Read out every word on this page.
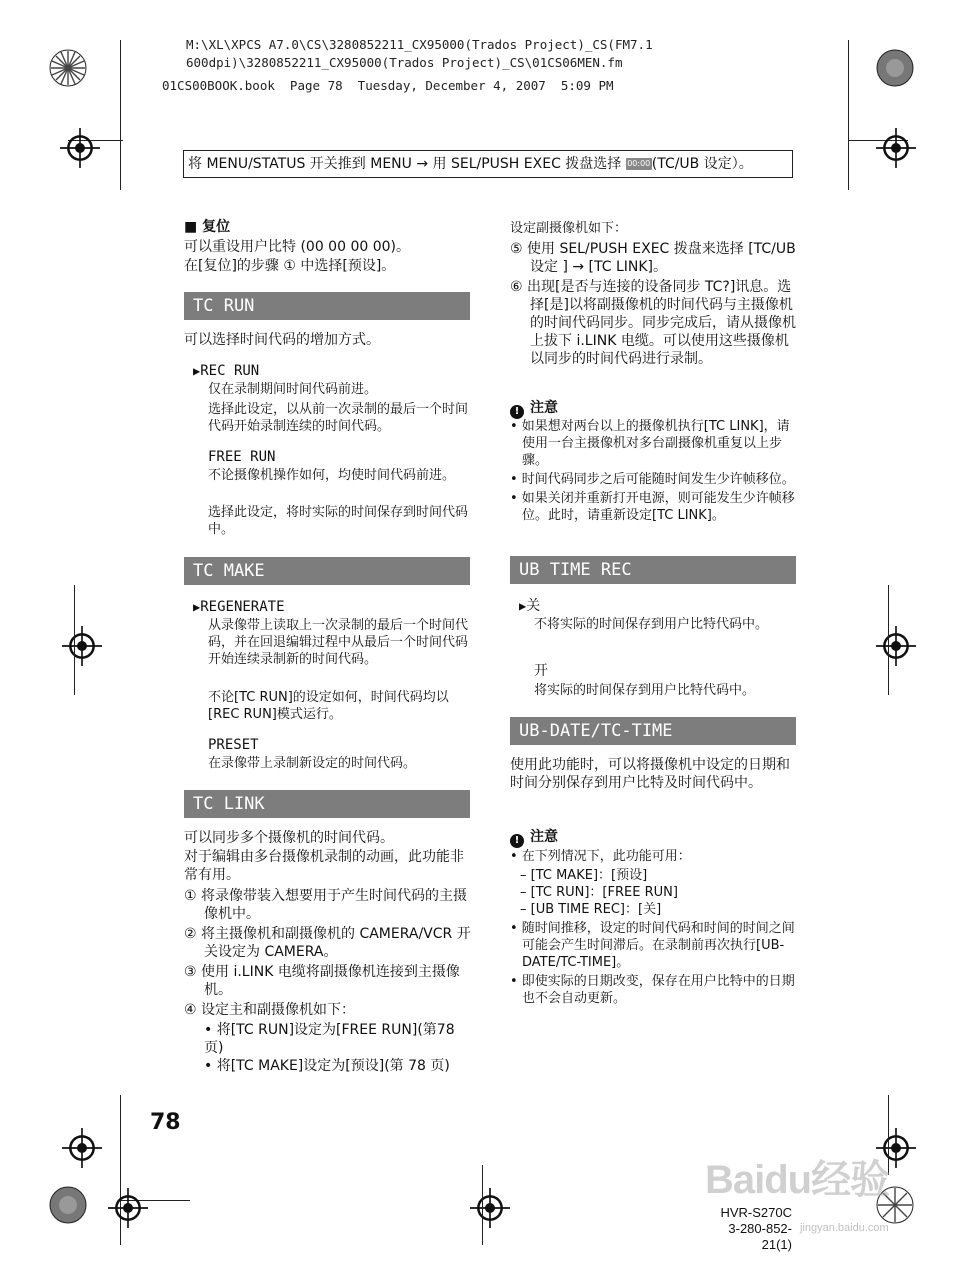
M:\XL\XPCS A7.0\CS\3280852211_CX95000(Trados Project)_CS(FM7.1
600dpi)\3280852211_CX95000(Trados Project)_CS\01CS06MEN.fm
01CS00BOOK.book  Page 78  Tuesday, December 4, 2007  5:09 PM
将 MENU/STATUS 开关推到 MENU → 用 SEL/PUSH EXEC 拨盘选择 00:00(TC/UB 设定）。
■ 复位
可以重设用户比特 (00 00 00 00)。
在[复位]的步骤 ① 中选择[预设]。
TC RUN
可以选择时间代码的增加方式。
▶REC RUN
仅在录制期间时间代码前进。
选择此设定，以从前一次录制的最后一个时间代码开始录制连续的时间代码。
FREE RUN
不论摄像机操作如何，均使时间代码前进。
选择此设定，将时实际的时间保存到时间代码中。
TC MAKE
▶REGENERATE
从录像带上读取上一次录制的最后一个时间代码，并在回退编辑过程中从最后一个时间代码开始连续录制新的时间代码。
不论[TC RUN]的设定如何，时间代码均以[REC RUN]模式运行。
PRESET
在录像带上录制新设定的时间代码。
TC LINK
可以同步多个摄像机的时间代码。
对于编辑由多台摄像机录制的动画，此功能非常有用。
① 将录像带装入想要用于产生时间代码的主摄像机中。
② 将主摄像机和副摄像机的 CAMERA/VCR 开关设定为 CAMERA。
③ 使用 i.LINK 电缆将副摄像机连接到主摄像机。
④ 设定主和副摄像机如下：
• 将[TC RUN]设定为[FREE RUN](第78页)
• 将[TC MAKE]设定为[预设](第 78 页)
设定副摄像机如下：
⑤ 使用 SEL/PUSH EXEC 拨盘来选择 [TC/UB 设定 ] → [TC LINK]。
⑥ 出现[是否与连接的设备同步 TC?]讯息。选择[是]以将副摄像机的时间代码与主摄像机的时间代码同步。同步完成后，请从摄像机上拔下 i.LINK 电缆。可以使用这些摄像机以同步的时间代码进行录制。
! 注意
• 如果想对两台以上的摄像机执行[TC LINK]，请使用一台主摄像机对多台副摄像机重复以上步骤。
• 时间代码同步之后可能随时间发生少许帧移位。
• 如果关闭并重新打开电源，则可能发生少许帧移位。此时，请重新设定[TC LINK]。
UB TIME REC
▶关
不将实际的时间保存到用户比特代码中。
开
将实际的时间保存到用户比特代码中。
UB-DATE/TC-TIME
使用此功能时，可以将摄像机中设定的日期和时间分别保存到用户比特及时间代码中。
! 注意
• 在下列情况下，此功能可用：
– [TC MAKE]：[预设]
– [TC RUN]：[FREE RUN]
– [UB TIME REC]：[关]
• 随时间推移，设定的时间代码和时间的时间之间可能会产生时间滞后。在录制前再次执行[UB-DATE/TC-TIME]。
• 即使实际的日期改变，保存在用户比特中的日期也不会自动更新。
78
Baidu经验
HVR-S270C
3-280-852-21(1)
jingyan.baidu.com
